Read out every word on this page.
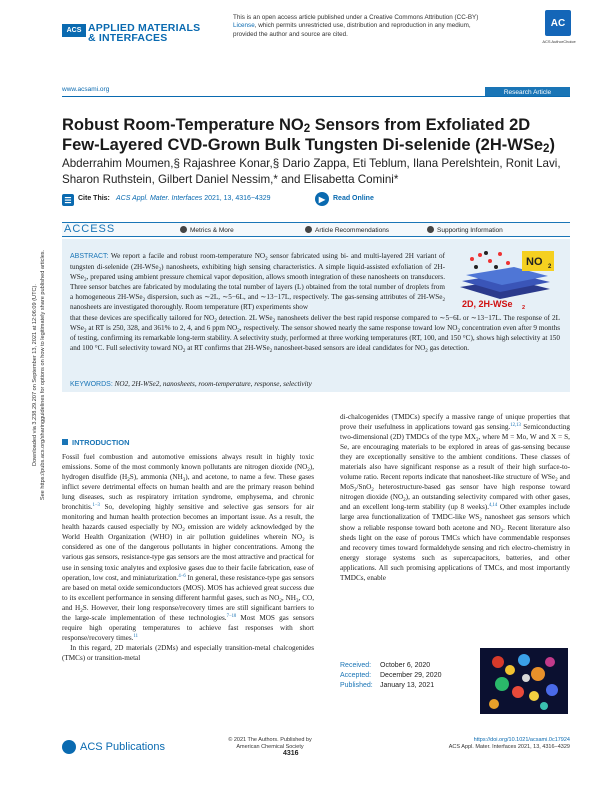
ACS APPLIED MATERIALS
& INTERFACES
This is an open access article published under a Creative Commons Attribution (CC-BY)
License, which permits unrestricted use, distribution and reproduction in any medium,
provided the author and source are cited.
AC
ACS AuthorChoice
www.acsami.org	Research Article
Robust Room-Temperature $NO_2$ Sensors from Exfoliated 2D Few-Layered CVD-Grown Bulk Tungsten Di-selenide (2H-WSe$_2$)
Abderrahim Moumen,§ Rajashree Konar,§ Dario Zappa, Eti Teblum, Ilana Perelshtein, Ronit Lavi, Sharon Ruthstein, Gilbert Daniel Nessim,* and Elisabetta Comini*
☰ Cite This: ACS Appl. Mater. Interfaces 2021, 13, 4316−4329	▶	Read Online
ACCESS	Metrics & More	Article Recommendations	Supporting Information
ABSTRACT: We report a facile and robust room-temperature $NO_2$ sensor fabricated using bi- and multi-layered 2H variant of tungsten di-selenide (2H-WSe$_2$) nanosheets, exhibiting high sensing characteristics. A simple liquid-assisted exfoliation of 2H-WSe$_2$, prepared using ambient pressure chemical vapor deposition, allows smooth integration of these nanosheets on transducers. Three sensor batches are fabricated by modulating the total number of layers (L) obtained from the total number of droplets from a homogeneous 2H-WSe$_2$ dispersion, such as ∼2L, ∼5−6L, and ∼13−17L, respectively. The gas-sensing attributes of 2H-WSe$_2$ nanosheets are investigated thoroughly. Room temperature (RT) experiments show
that these devices are specifically tailored for $NO_2$ detection. 2L WSe$_2$ nanosheets deliver the best rapid response compared to ∼5−6L or ∼13−17L. The response of 2L WSe$_2$ at RT is 250, 328, and 361% to 2, 4, and 6 ppm $NO_2$, respectively. The sensor showed nearly the same response toward low $NO_2$ concentration even after 9 months of testing, confirming its remarkable long-term stability. A selectivity study, performed at three working temperatures (RT, 100, and 150 °C), shows high selectivity at 150 and 100 °C. Full selectivity toward $NO_2$ at RT confirms that 2H-WSe$_2$ nanosheet-based sensors are ideal candidates for $NO_2$ gas detection.
NO 2
2D, 2H-WSe 2
KEYWORDS: NO2, 2H-WSe2, nanosheets, room-temperature, response, selectivity
INTRODUCTION
Fossil fuel combustion and automotive emissions always result in highly toxic emissions. Some of the most commonly known pollutants are nitrogen dioxide $(NO_2)$, hydrogen disulfide $(H_2S)$, ammonia $(NH_3)$, and acetone, to name a few. These gases inflict severe detrimental effects on human health and are the primary reason behind lung diseases, such as respiratory irritation syndrome, emphysema, and chronic bronchitis.$^{1-3}$ So, developing highly sensitive and selective gas sensors for air monitoring and human health protection becomes an important issue. As a result, the health hazards caused especially by $NO_2$ emission are widely acknowledged by the World Health Organization (WHO) in air pollution guidelines wherein $NO_2$ is considered as one of the dangerous pollutants in higher concentrations. Among the various gas sensors, resistance-type gas sensors are the most attractive and practical for use in sensing toxic analytes and explosive gases due to their facile fabrication, ease of operation, low cost, and miniaturization.$^{4-6}$ In general, these resistance-type gas sensors are based on metal oxide semiconductors (MOS). MOS has achieved great success due to its excellent performance in sensing different harmful gases, such as $NO_2$, $NH_3$, CO, and $H_2S$. However, their long response/recovery times are still significant barriers to the large-scale implementation of these technologies.$^{7-10}$ Most MOS gas sensors require high operating temperatures to achieve fast responses with short response/recovery times.$^{11}$
In this regard, 2D materials (2DMs) and especially transition-metal chalcogenides (TMCs) or transition-metal
di-chalcogenides (TMDCs) specify a massive range of unique properties that prove their usefulness in applications toward gas sensing.$^{12,13}$ Semiconducting two-dimensional (2D) TMDCs of the type $MX_2$, where M = Mo, W and X = S, Se, are encouraging materials to be explored in areas of gas-sensing because they are exceptionally sensitive to the ambient conditions. These classes of materials also have significant response as a result of their high surface-to-volume ratio. Recent reports indicate that nanosheet-like structure of WSe$_2$ and MoS$_2$/SnO$_2$ heterostructure-based gas sensor have high response toward nitrogen dioxide $(NO_2)$, an outstanding selectivity compared with other gases, and an excellent long-term stability (up 8 weeks).$^{4,14}$ Other examples include large area functionalization of TMDC-like $WS_2$ nanosheet gas sensors which show a reliable response toward both acetone and $NO_2$. Recent literature also sheds light on the ease of porous TMCs which have commendable responses and recovery times toward formaldehyde sensing and rich electro-chemistry in energy storage systems such as supercapacitors, batteries, and other applications. All such promising applications of TMCs, and most importantly TMDCs, enable
Received: October 6, 2020
Accepted: December 29, 2020
Published: January 13, 2021
Downloaded via 3.238.29.207 on September 13, 2021 at 12:06:09 (UTC). See https://pubs.acs.org/sharingguidelines for options on how to legitimately share published articles.
ACS Publications
© 2021 The Authors. Published by
American Chemical Society
4316
https://doi.org/10.1021/acsami.0c17924
ACS Appl. Mater. Interfaces 2021, 13, 4316−4329
